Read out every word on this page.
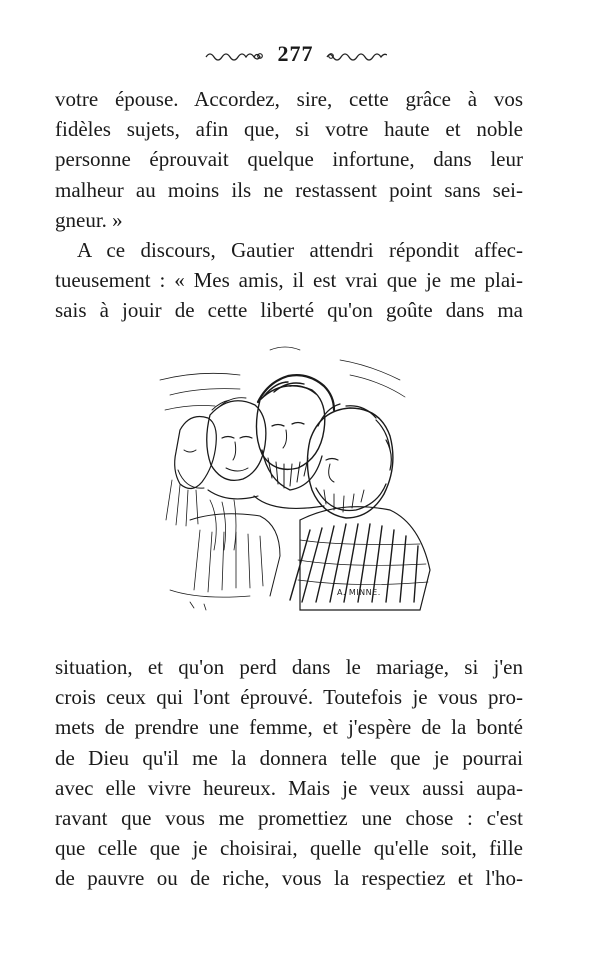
277
votre épouse. Accordez, sire, cette grâce à vos
fidèles sujets, afin que, si votre haute et noble
personne éprouvait quelque infortune, dans leur
malheur au moins ils ne restassent point sans sei-
gneur. »
A ce discours, Gautier attendri répondit affec-
tueusement : « Mes amis, il est vrai que je me plai-
sais à jouir de cette liberté qu'on goûte dans ma
A. MINNE.
situation, et qu'on perd dans le mariage, si j'en
crois ceux qui l'ont éprouvé. Toutefois je vous pro-
mets de prendre une femme, et j'espère de la bonté
de Dieu qu'il me la donnera telle que je pourrai
avec elle vivre heureux. Mais je veux aussi aupa-
ravant que vous me promettiez une chose : c'est
que celle que je choisirai, quelle qu'elle soit, fille
de pauvre ou de riche, vous la respectiez et l'ho-
